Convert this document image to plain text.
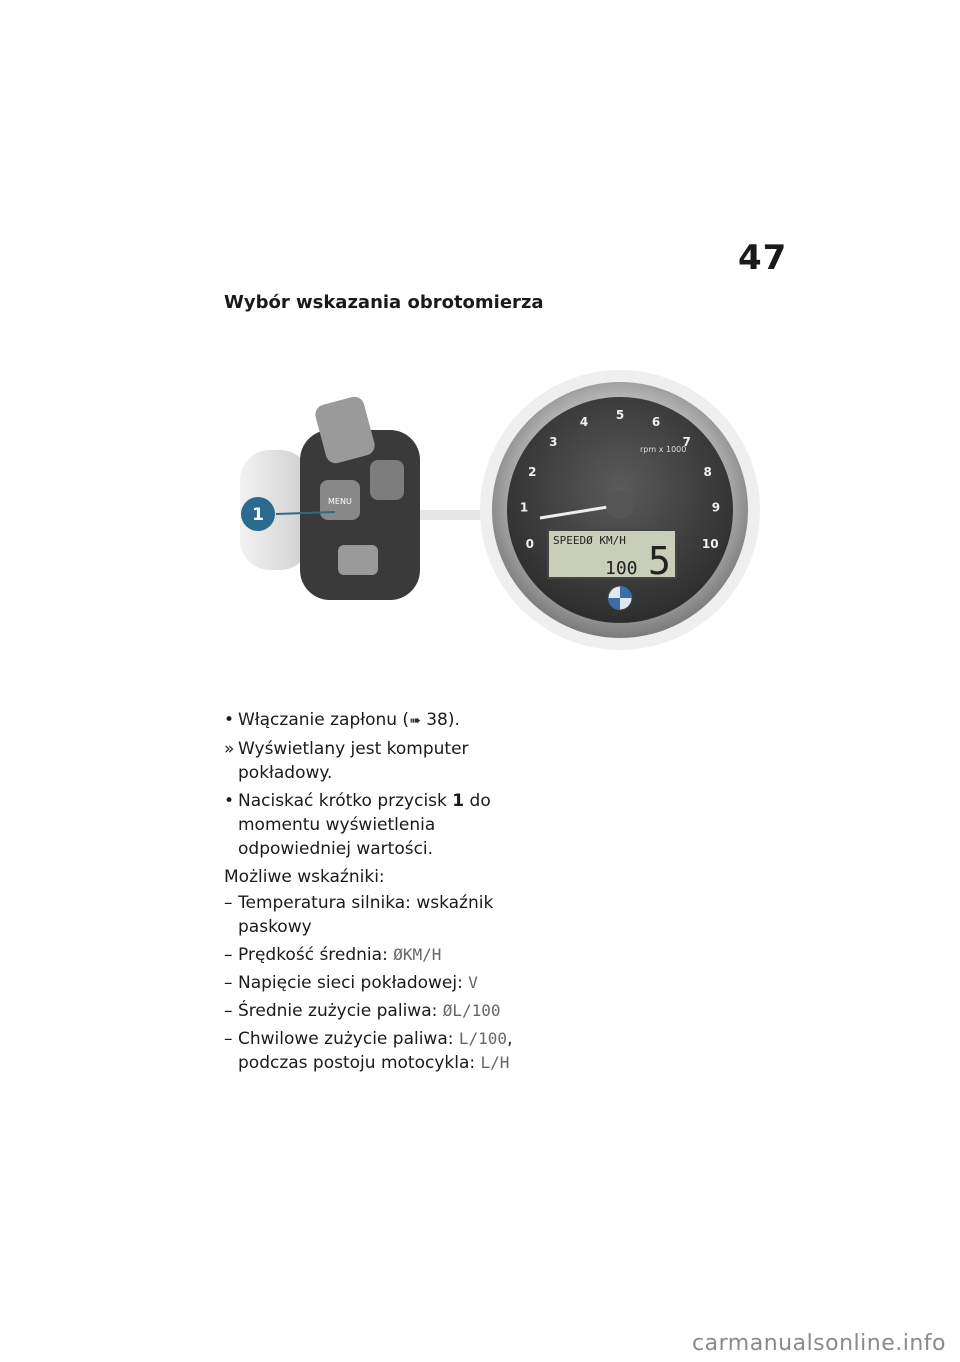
47
Wybór wskazania obrotomierza
MENU
1
0
1
2
3
4 5 6
7
8
9
10
rpm x 1000
SPEEDØ KM/H
100 5
• Włączanie zapłonu (➠ 38).
» Wyświetlany jest komputer pokładowy.
• Naciskać krótko przycisk 1 do momentu wyświetlenia odpowiedniej wartości.
Możliwe wskaźniki:
– Temperatura silnika: wskaźnik paskowy
– Prędkość średnia: ØKM/H
– Napięcie sieci pokładowej: V
– Średnie zużycie paliwa: ØL/100
– Chwilowe zużycie paliwa: L/100, podczas postoju motocykla: L/H
carmanualsonline.info
